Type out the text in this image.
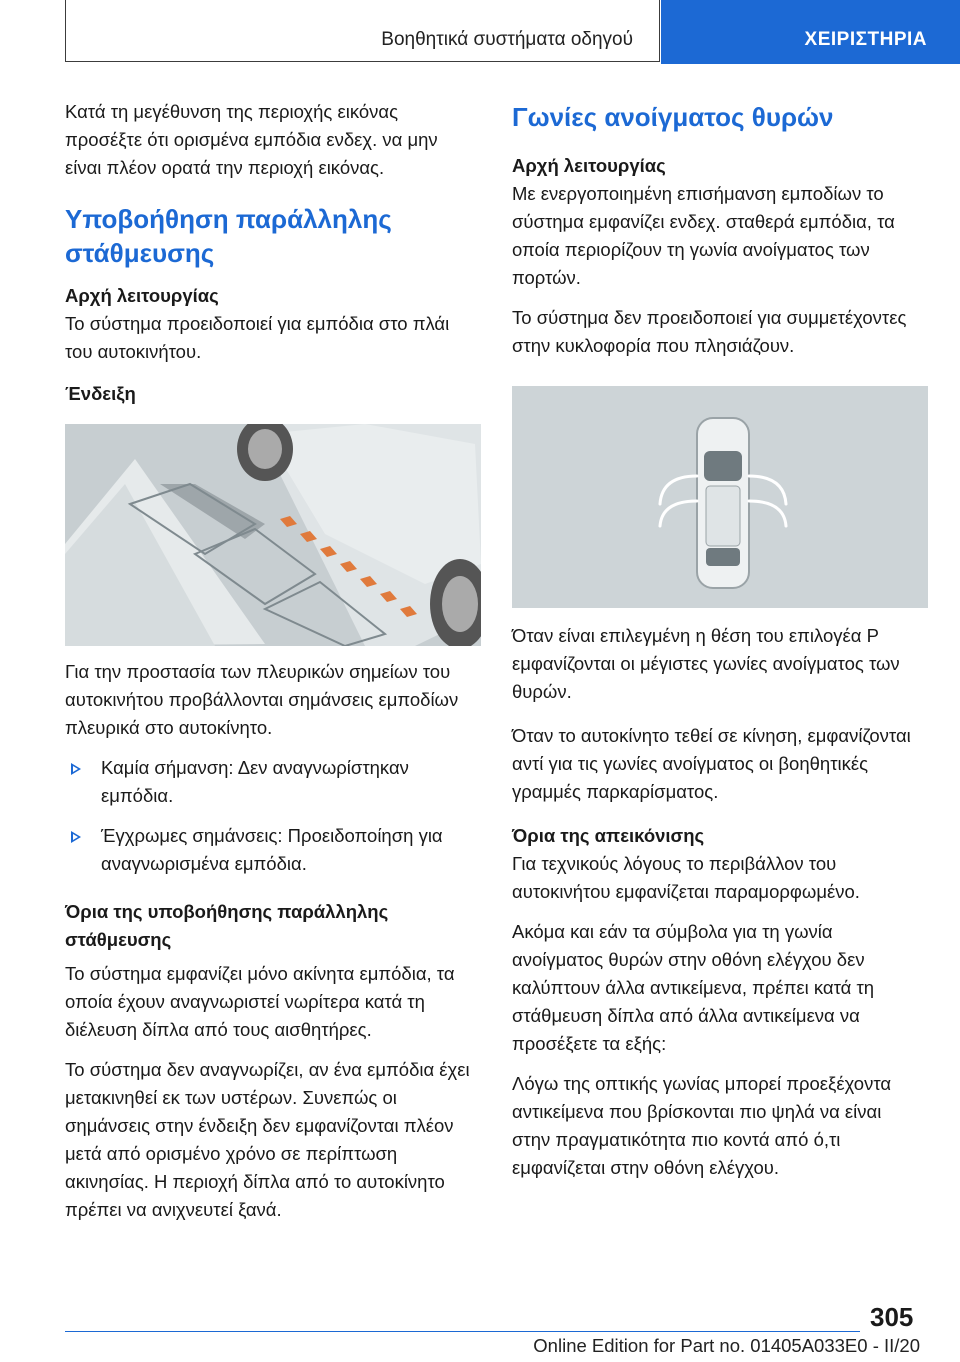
Βοηθητικά συστήματα οδηγού	ΧΕΙΡΙΣΤΗΡΙΑ

Κατά τη μεγέθυνση της περιοχής εικόνας προσέξτε ότι ορισμένα εμπόδια ενδεχ. να μην είναι πλέον ορατά την περιοχή εικόνας.

Υποβοήθηση παράλληλης στάθμευσης
Αρχή λειτουργίας

Το σύστημα προειδοποιεί για εμπόδια στο πλάι του αυτοκινήτου.

Ένδειξη

Για την προστασία των πλευρικών σημείων του αυτοκινήτου προβάλλονται σημάνσεις εμποδίων πλευρικά στο αυτοκίνητο.

Καμία σήμανση: Δεν αναγνωρίστηκαν εμπόδια.
Έγχρωμες σημάνσεις: Προειδοποίηση για αναγνωρισμένα εμπόδια.
Όρια της υποβοήθησης παράλληλης στάθμευσης

Το σύστημα εμφανίζει μόνο ακίνητα εμπόδια, τα οποία έχουν αναγνωριστεί νωρίτερα κατά τη διέλευση δίπλα από τους αισθητήρες.

Το σύστημα δεν αναγνωρίζει, αν ένα εμπόδια έχει μετακινηθεί εκ των υστέρων. Συνεπώς οι σημάνσεις στην ένδειξη δεν εμφανίζονται πλέον μετά από ορισμένο χρόνο σε περίπτωση ακινησίας. Η περιοχή δίπλα από το αυτοκίνητο πρέπει να ανιχνευτεί ξανά.

Γωνίες ανοίγματος θυρών
Αρχή λειτουργίας

Με ενεργοποιημένη επισήμανση εμποδίων το σύστημα εμφανίζει ενδεχ. σταθερά εμπόδια, τα οποία περιορίζουν τη γωνία ανοίγματος των πορτών.

Το σύστημα δεν προειδοποιεί για συμμετέχοντες στην κυκλοφορία που πλησιάζουν.

Όταν είναι επιλεγμένη η θέση του επιλογέα P εμφανίζονται οι μέγιστες γωνίες ανοίγματος των θυρών.

Όταν το αυτοκίνητο τεθεί σε κίνηση, εμφανίζονται αντί για τις γωνίες ανοίγματος οι βοηθητικές γραμμές παρκαρίσματος.

Όρια της απεικόνισης

Για τεχνικούς λόγους το περιβάλλον του αυτοκινήτου εμφανίζεται παραμορφωμένο.

Ακόμα και εάν τα σύμβολα για τη γωνία ανοίγματος θυρών στην οθόνη ελέγχου δεν καλύπτουν άλλα αντικείμενα, πρέπει κατά τη στάθμευση δίπλα από άλλα αντικείμενα να προσέξετε τα εξής:

Λόγω της οπτικής γωνίας μπορεί προεξέχοντα αντικείμενα που βρίσκονται πιο ψηλά να είναι στην πραγματικότητα πιο κοντά από ό,τι εμφανίζεται στην οθόνη ελέγχου.

305
Online Edition for Part no. 01405A033E0 - II/20
